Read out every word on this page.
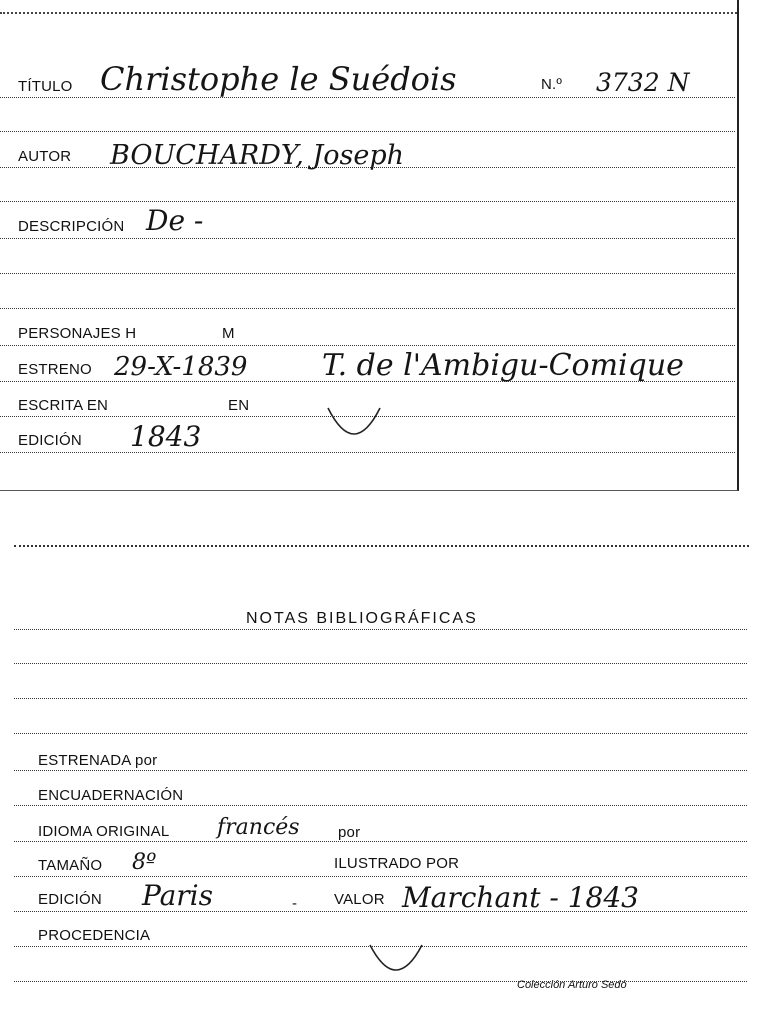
TÍTULO Christophe le Suédois	N.º 3732 N
AUTOR BOUCHARDY, Joseph
DESCRIPCIÓN De -
PERSONAJES H	M
ESTRENO 29-X-1839 T. de l'Ambigu-Comique
ESCRITA EN	EN
EDICIÓN 1843
NOTAS BIBLIOGRÁFICAS
ESTRENADA por
ENCUADERNACIÓN
IDIOMA ORIGINAL francés	por
TAMAÑO 8º	ILUSTRADO POR
EDICIÓN Paris	- VALOR Marchant - 1843
PROCEDENCIA
Colección Arturo Sedó
